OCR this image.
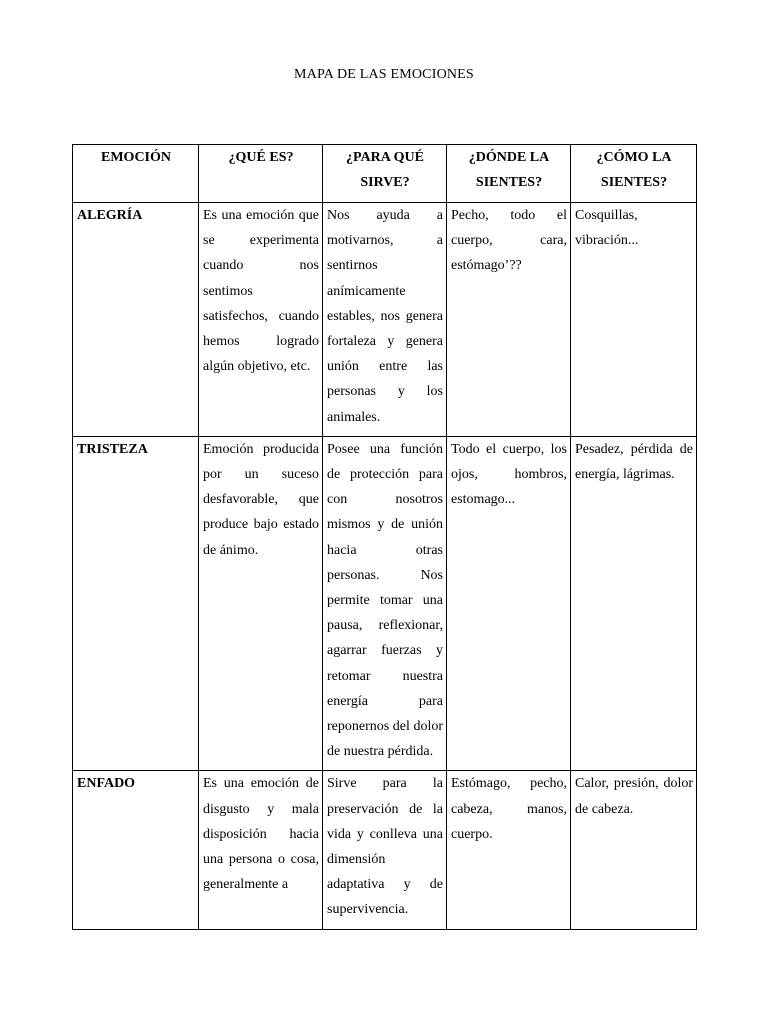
MAPA DE LAS EMOCIONES
EMOCIÓN	¿QUÉ ES?	¿PARA QUÉ SIRVE?	¿DÓNDE LA SIENTES?	¿CÓMO LA SIENTES?
ALEGRÍA	Es una emoción que se experimenta cuando nos sentimos satisfechos, cuando hemos logrado algún objetivo, etc.	Nos ayuda a motivarnos, a sentirnos anímicamente estables, nos genera fortaleza y genera unión entre las personas y los animales.	Pecho, todo el cuerpo, cara, estómago’??	Cosquillas, vibración...
TRISTEZA	Emoción producida por un suceso desfavorable, que produce bajo estado de ánimo.	Posee una función de protección para con nosotros mismos y de unión hacia otras personas. Nos permite tomar una pausa, reflexionar, agarrar fuerzas y retomar nuestra energía para reponernos del dolor de nuestra pérdida.	Todo el cuerpo, los ojos, hombros, estomago...	Pesadez, pérdida de energía, lágrimas.
ENFADO	Es una emoción de disgusto y mala disposición hacia una persona o cosa, generalmente a	Sirve para la preservación de la vida y conlleva una dimensión adaptativa y de supervivencia.	Estómago, pecho, cabeza, manos, cuerpo.	Calor, presión, dolor de cabeza.
